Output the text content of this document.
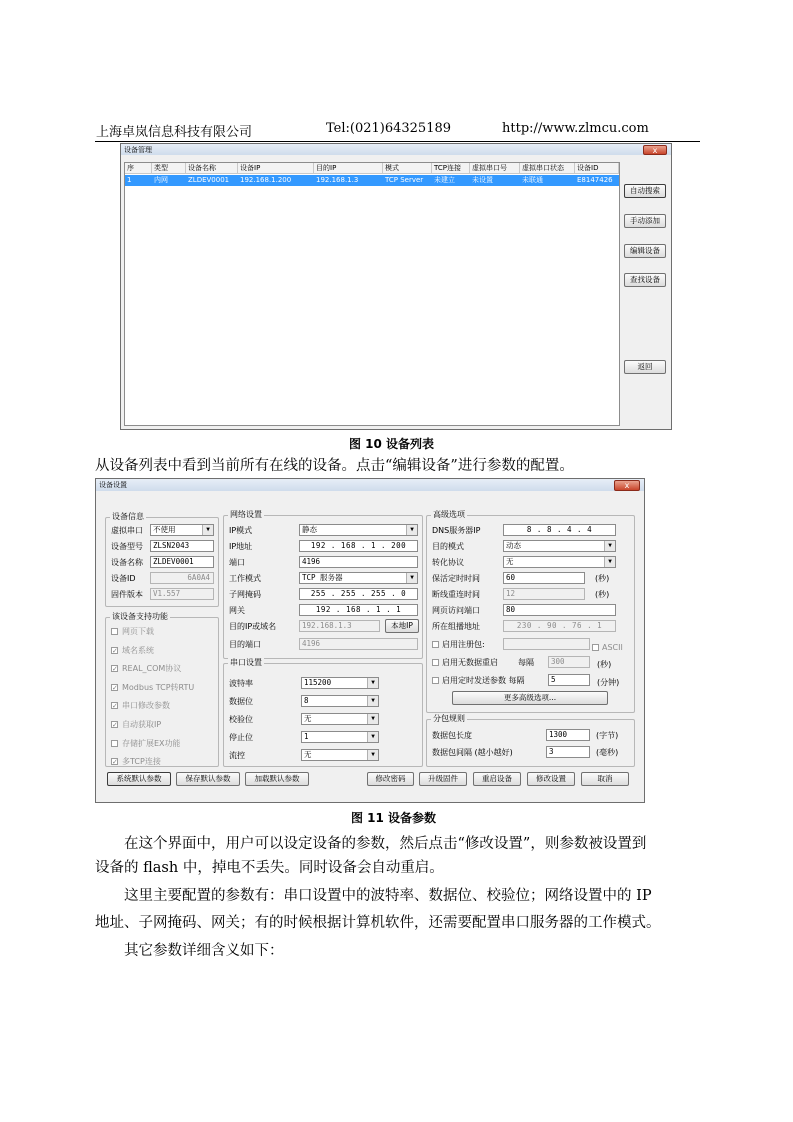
上海卓岚信息科技有限公司	Tel:(021)64325189	http://www.zlmcu.com
设备管理	x
序	类型	设备名称	设备IP	目的IP	模式	TCP连接	虚拟串口号	虚拟串口状态	设备ID
1	内网	ZLDEV0001	192.168.1.200	192.168.1.3	TCP Server	未建立	未设置	未联通	E8147426
自动搜索
手动添加
编辑设备
查找设备
返回
图 10 设备列表
从设备列表中看到当前所有在线的设备。点击“编辑设备”进行参数的配置。
设备设置	x
设备信息
虚拟串口	不使用	▼
设备型号	ZLSN2043
设备名称	ZLDEV0001
设备ID	6A0A4
固件版本	V1.557
该设备支持功能
网络设置
IP模式	静态	▼
IP地址	192 . 168 . 1 . 200
端口	4196
工作模式	TCP 服务器	▼
子网掩码	255 . 255 . 255 . 0
网关	192 . 168 . 1 . 1
目的IP或域名	192.168.1.3	本地IP
目的端口	4196
串口设置
波特率	115200	▼
数据位	8	▼
校验位	无	▼
停止位	1	▼
流控	无	▼
高级选项
DNS服务器IP	8 . 8 . 4 . 4
目的模式	动态	▼
转化协议	无	▼
保活定时时间	60	(秒)
断线重连时间	12	(秒)
网页访问端口	80
所在组播地址	230 . 90 . 76 . 1
启用注册包:	ASCII
启用无数据重启	每隔	300	(秒)
启用定时发送参数 每隔	5	(分钟)
更多高级选项...
分包规则
数据包长度	1300	(字节)
数据包间隔 (越小越好)	3	(毫秒)
系统默认参数	保存默认参数	加载默认参数	修改密码	升级固件	重启设备	修改设置	取消
网页下载
✓ 域名系统
✓ REAL_COM协议
✓ Modbus TCP转RTU
✓ 串口修改参数
✓ 自动获取IP
存储扩展EX功能
✓ 多TCP连接
图 11 设备参数
在这个界面中，用户可以设定设备的参数，然后点击“修改设置”，则参数被设置到
设备的 flash 中，掉电不丢失。同时设备会自动重启。
这里主要配置的参数有：串口设置中的波特率、数据位、校验位；网络设置中的 IP
地址、子网掩码、网关；有的时候根据计算机软件，还需要配置串口服务器的工作模式。
其它参数详细含义如下：
